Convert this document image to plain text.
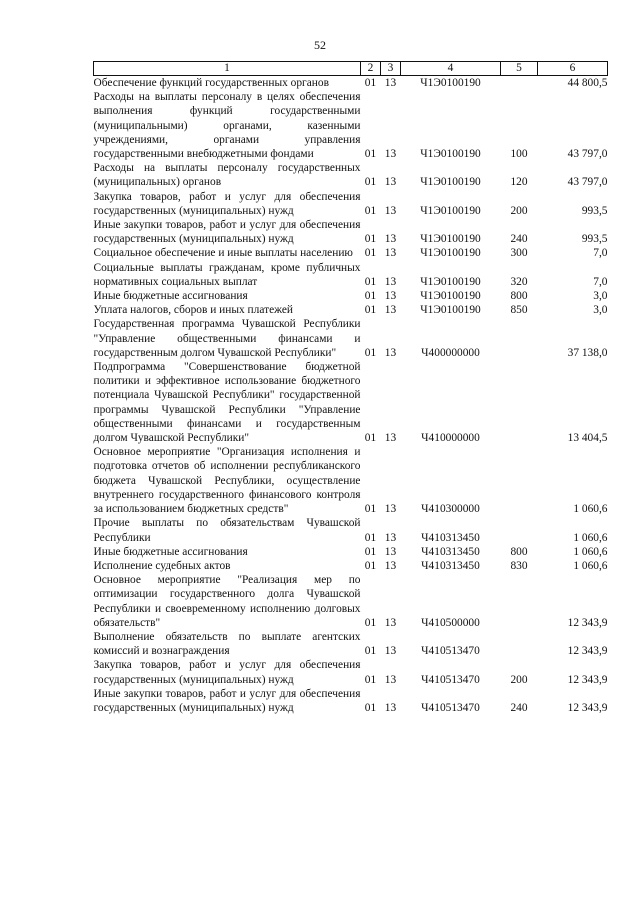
52
1	2	3	4	5	6
Обеспечение функций государственных органов	01	13	Ч1Э0100190		44 800,5
Расходы на выплаты персоналу в целях обеспечения выполнения функций государственными (муниципальными) органами, казенными учреждениями, органами управления государственными внебюджетными фондами	01	13	Ч1Э0100190	100	43 797,0
Расходы на выплаты персоналу государственных (муниципальных) органов	01	13	Ч1Э0100190	120	43 797,0
Закупка товаров, работ и услуг для обеспечения государственных (муниципальных) нужд	01	13	Ч1Э0100190	200	993,5
Иные закупки товаров, работ и услуг для обеспечения государственных (муниципальных) нужд	01	13	Ч1Э0100190	240	993,5
Социальное обеспечение и иные выплаты населению	01	13	Ч1Э0100190	300	7,0
Социальные выплаты гражданам, кроме публичных нормативных социальных выплат	01	13	Ч1Э0100190	320	7,0
Иные бюджетные ассигнования	01	13	Ч1Э0100190	800	3,0
Уплата налогов, сборов и иных платежей	01	13	Ч1Э0100190	850	3,0
Государственная программа Чувашской Республики "Управление общественными финансами и государственным долгом Чувашской Республики"	01	13	Ч400000000		37 138,0
Подпрограмма "Совершенствование бюджетной политики и эффективное использование бюджетного потенциала Чувашской Республики" государственной программы Чувашской Республики "Управление общественными финансами и государственным долгом Чувашской Республики"	01	13	Ч410000000		13 404,5
Основное мероприятие "Организация исполнения и подготовка отчетов об исполнении республиканского бюджета Чувашской Республики, осуществление внутреннего государственного финансового контроля за использованием бюджетных средств"	01	13	Ч410300000		1 060,6
Прочие выплаты по обязательствам Чувашской Республики	01	13	Ч410313450		1 060,6
Иные бюджетные ассигнования	01	13	Ч410313450	800	1 060,6
Исполнение судебных актов	01	13	Ч410313450	830	1 060,6
Основное мероприятие "Реализация мер по оптимизации государственного долга Чувашской Республики и своевременному исполнению долговых обязательств"	01	13	Ч410500000		12 343,9
Выполнение обязательств по выплате агентских комиссий и вознаграждения	01	13	Ч410513470		12 343,9
Закупка товаров, работ и услуг для обеспечения государственных (муниципальных) нужд	01	13	Ч410513470	200	12 343,9
Иные закупки товаров, работ и услуг для обеспечения государственных (муниципальных) нужд	01	13	Ч410513470	240	12 343,9
